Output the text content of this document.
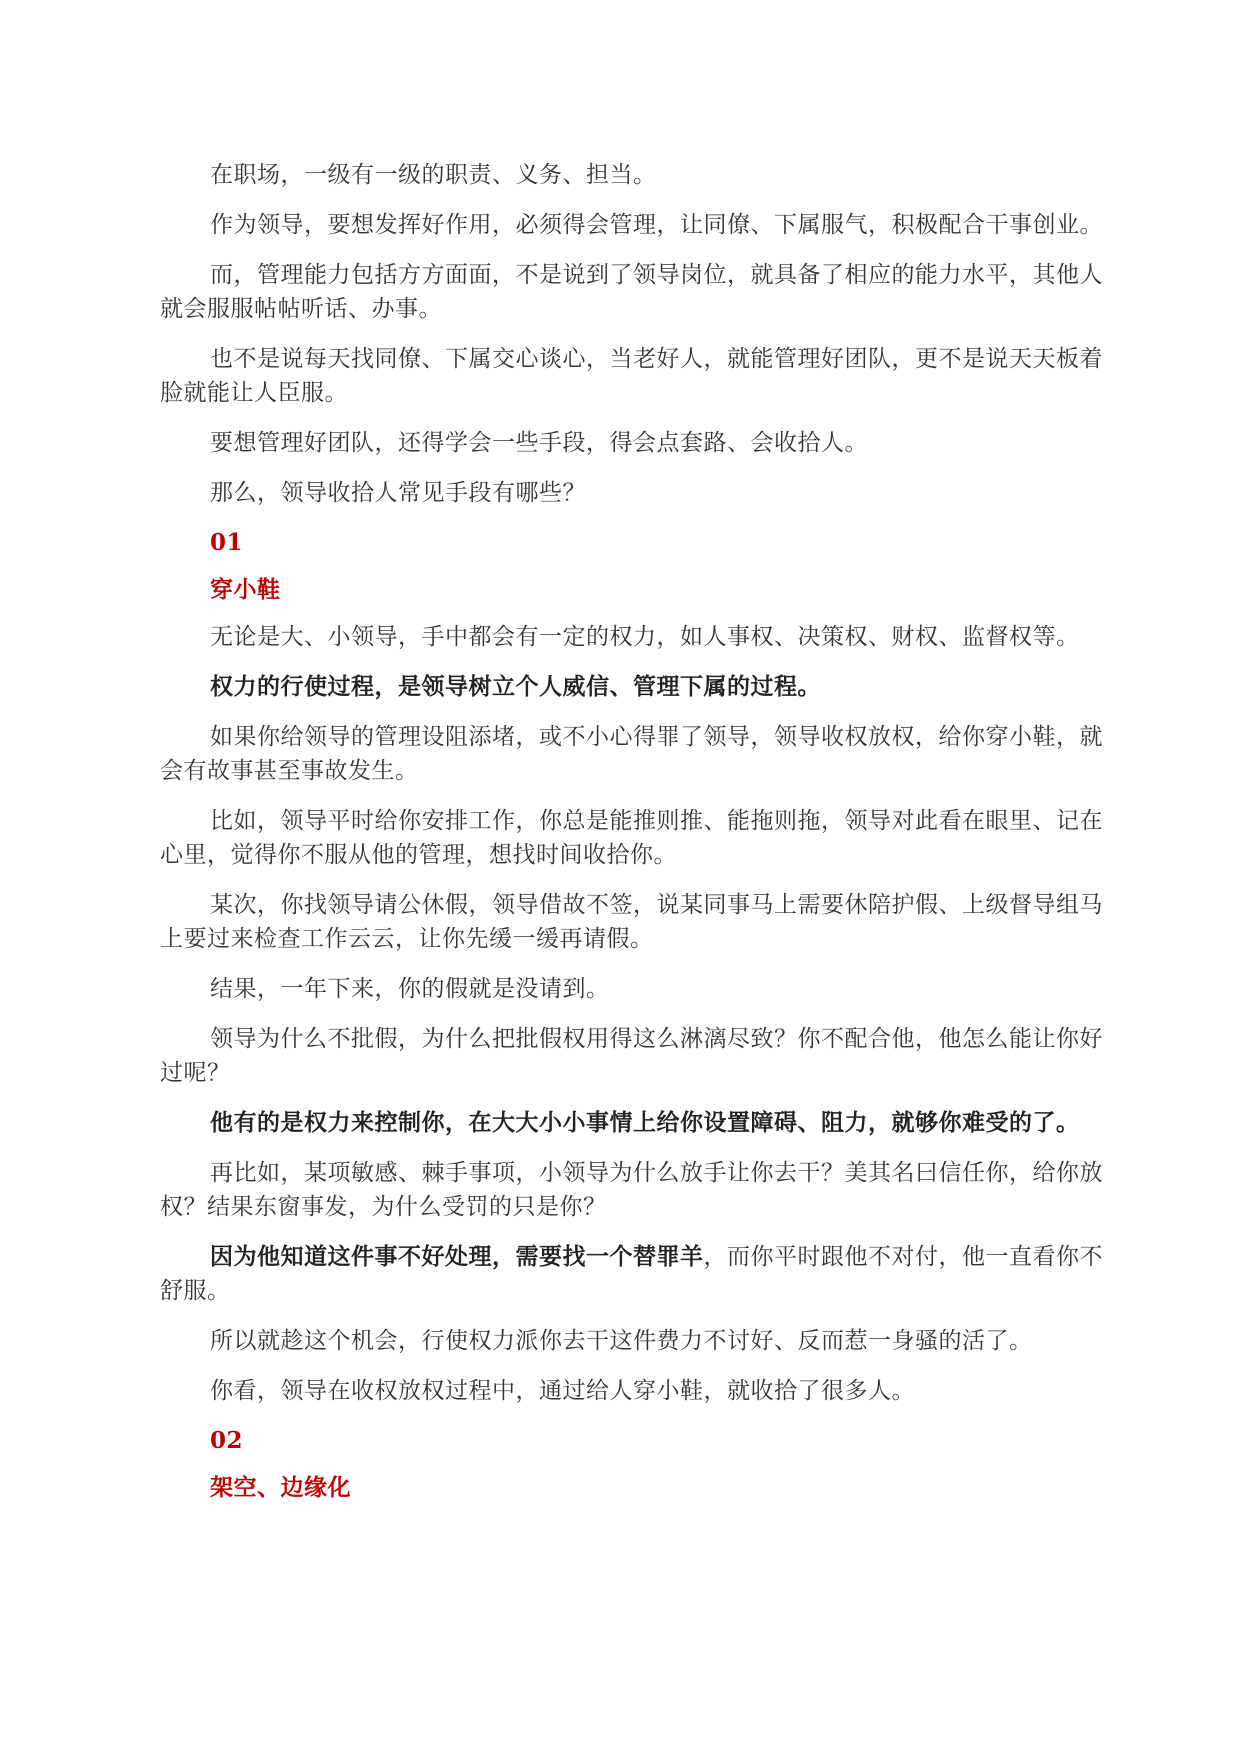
在职场，一级有一级的职责、义务、担当。

作为领导，要想发挥好作用，必须得会管理，让同僚、下属服气，积极配合干事创业。

而，管理能力包括方方面面，不是说到了领导岗位，就具备了相应的能力水平，其他人就会服服帖帖听话、办事。

也不是说每天找同僚、下属交心谈心，当老好人，就能管理好团队，更不是说天天板着脸就能让人臣服。

要想管理好团队，还得学会一些手段，得会点套路、会收拾人。

那么，领导收拾人常见手段有哪些？

01

穿小鞋

无论是大、小领导，手中都会有一定的权力，如人事权、决策权、财权、监督权等。

权力的行使过程，是领导树立个人威信、管理下属的过程。

如果你给领导的管理设阻添堵，或不小心得罪了领导，领导收权放权，给你穿小鞋，就会有故事甚至事故发生。

比如，领导平时给你安排工作，你总是能推则推、能拖则拖，领导对此看在眼里、记在心里，觉得你不服从他的管理，想找时间收拾你。

某次，你找领导请公休假，领导借故不签，说某同事马上需要休陪护假、上级督导组马上要过来检查工作云云，让你先缓一缓再请假。

结果，一年下来，你的假就是没请到。

领导为什么不批假，为什么把批假权用得这么淋漓尽致？你不配合他，他怎么能让你好过呢？

他有的是权力来控制你，在大大小小事情上给你设置障碍、阻力，就够你难受的了。

再比如，某项敏感、棘手事项，小领导为什么放手让你去干？美其名曰信任你，给你放权？结果东窗事发，为什么受罚的只是你？

因为他知道这件事不好处理，需要找一个替罪羊，而你平时跟他不对付，他一直看你不舒服。

所以就趁这个机会，行使权力派你去干这件费力不讨好、反而惹一身骚的活了。

你看，领导在收权放权过程中，通过给人穿小鞋，就收拾了很多人。

02

架空、边缘化
